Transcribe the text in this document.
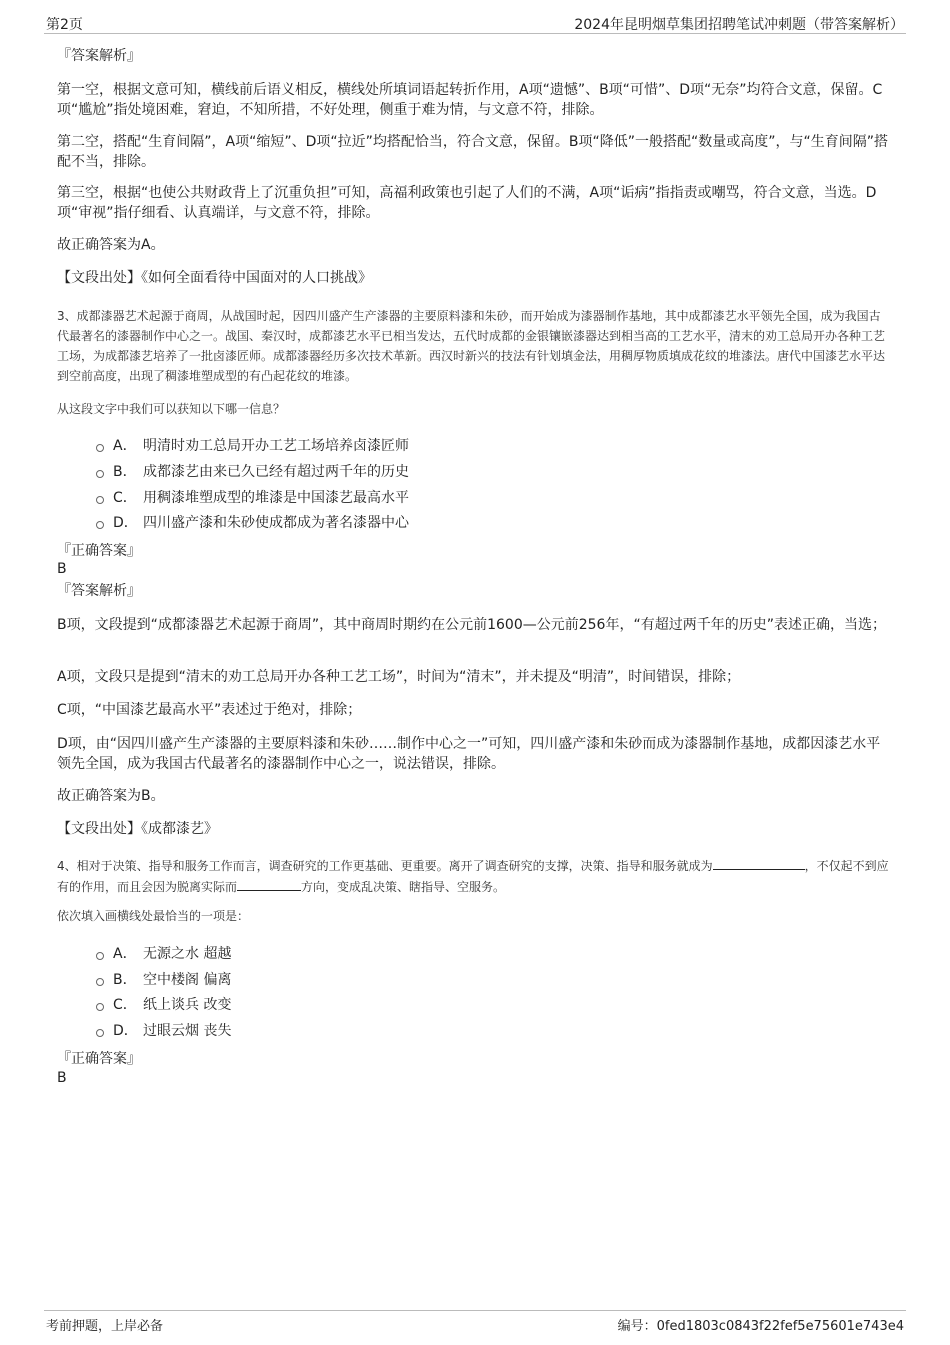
第2页	2024年昆明烟草集团招聘笔试冲刺题（带答案解析）
『答案解析』
第一空，根据文意可知，横线前后语义相反，横线处所填词语起转折作用，A项“遗憾”、B项“可惜”、D项“无奈”均符合文意，保留。C项“尴尬”指处境困难，窘迫，不知所措，不好处理，侧重于难为情，与文意不符，排除。
第二空，搭配“生育间隔”，A项“缩短”、D项“拉近”均搭配恰当，符合文意，保留。B项“降低”一般搭配“数量或高度”，与“生育间隔”搭配不当，排除。
第三空，根据“也使公共财政背上了沉重负担”可知，高福利政策也引起了人们的不满，A项“诟病”指指责或嘲骂，符合文意，当选。D项“审视”指仔细看、认真端详，与文意不符，排除。
故正确答案为A。
【文段出处】《如何全面看待中国面对的人口挑战》
3、成都漆器艺术起源于商周，从战国时起，因四川盛产生产漆器的主要原料漆和朱砂，而开始成为漆器制作基地，其中成都漆艺水平领先全国，成为我国古代最著名的漆器制作中心之一。战国、秦汉时，成都漆艺水平已相当发达，五代时成都的金银镶嵌漆器达到相当高的工艺水平，清末的劝工总局开办各种工艺工场，为成都漆艺培养了一批卤漆匠师。成都漆器经历多次技术革新。西汉时新兴的技法有针划填金法，用稠厚物质填成花纹的堆漆法。唐代中国漆艺水平达到空前高度，出现了稠漆堆塑成型的有凸起花纹的堆漆。
从这段文字中我们可以获知以下哪一信息？
A． 明清时劝工总局开办工艺工场培养卤漆匠师
B． 成都漆艺由来已久已经有超过两千年的历史
C． 用稠漆堆塑成型的堆漆是中国漆艺最高水平
D． 四川盛产漆和朱砂使成都成为著名漆器中心
『正确答案』
B
『答案解析』
B项，文段提到“成都漆器艺术起源于商周”，其中商周时期约在公元前1600—公元前256年，“有超过两千年的历史”表述正确，当选；
A项，文段只是提到“清末的劝工总局开办各种工艺工场”，时间为“清末”，并未提及“明清”，时间错误，排除；
C项，“中国漆艺最高水平”表述过于绝对，排除；
D项，由“因四川盛产生产漆器的主要原料漆和朱砂……制作中心之一”可知，四川盛产漆和朱砂而成为漆器制作基地，成都因漆艺水平领先全国，成为我国古代最著名的漆器制作中心之一，说法错误，排除。
故正确答案为B。
【文段出处】《成都漆艺》
4、相对于决策、指导和服务工作而言，调查研究的工作更基础、更重要。离开了调查研究的支撑，决策、指导和服务就成为	，不仅起不到应有的作用，而且会因为脱离实际而	方向，变成乱决策、瞎指导、空服务。
依次填入画横线处最恰当的一项是：
A． 无源之水 超越
B． 空中楼阁 偏离
C． 纸上谈兵 改变
D． 过眼云烟 丧失
『正确答案』
B
考前押题，上岸必备	编号：0fed1803c0843f22fef5e75601e743e4
